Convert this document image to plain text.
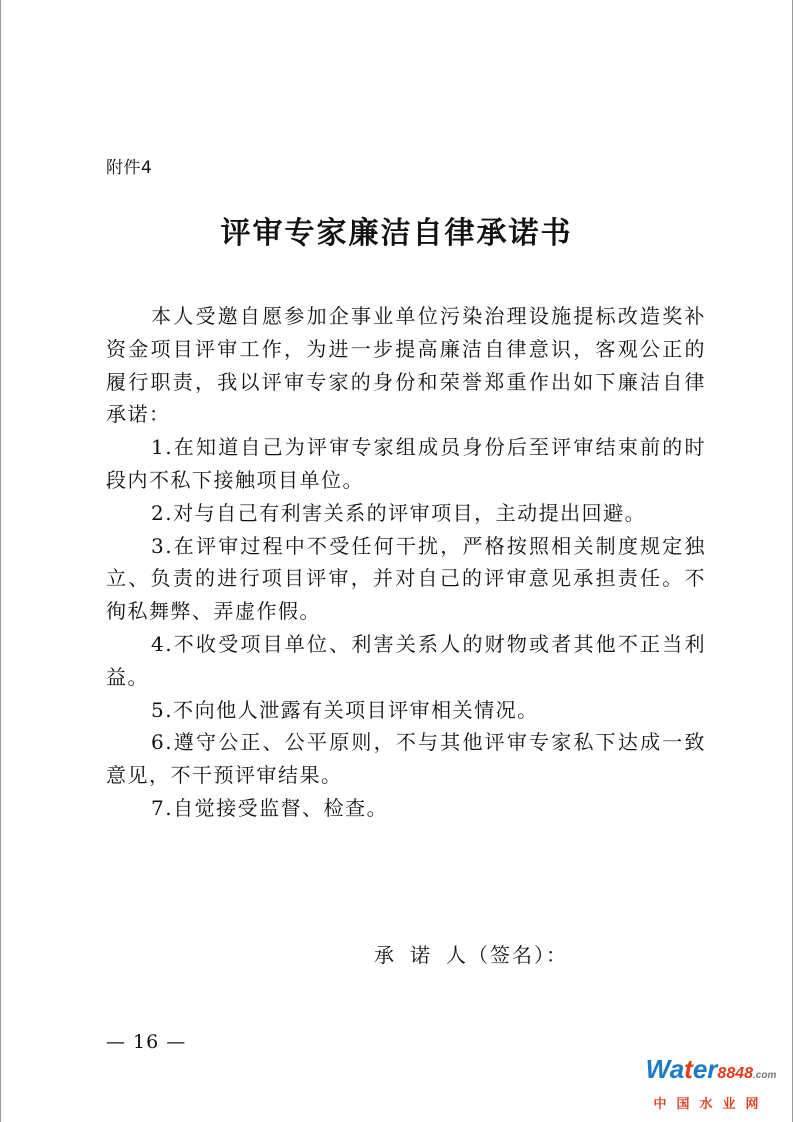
附件4
评审专家廉洁自律承诺书

本人受邀自愿参加企事业单位污染治理设施提标改造奖补资金项目评审工作，为进一步提高廉洁自律意识，客观公正的履行职责，我以评审专家的身份和荣誉郑重作出如下廉洁自律承诺：

1.在知道自己为评审专家组成员身份后至评审结束前的时段内不私下接触项目单位。

2.对与自己有利害关系的评审项目，主动提出回避。

3.在评审过程中不受任何干扰，严格按照相关制度规定独立、负责的进行项目评审，并对自己的评审意见承担责任。不徇私舞弊、弄虚作假。

4.不收受项目单位、利害关系人的财物或者其他不正当利益。

5.不向他人泄露有关项目评审相关情况。

6.遵守公正、公平原则，不与其他评审专家私下达成一致意见，不干预评审结果。

7.自觉接受监督、检查。

承 诺 人（签名）：
— 16 —
Water8848.com
中国水业网
